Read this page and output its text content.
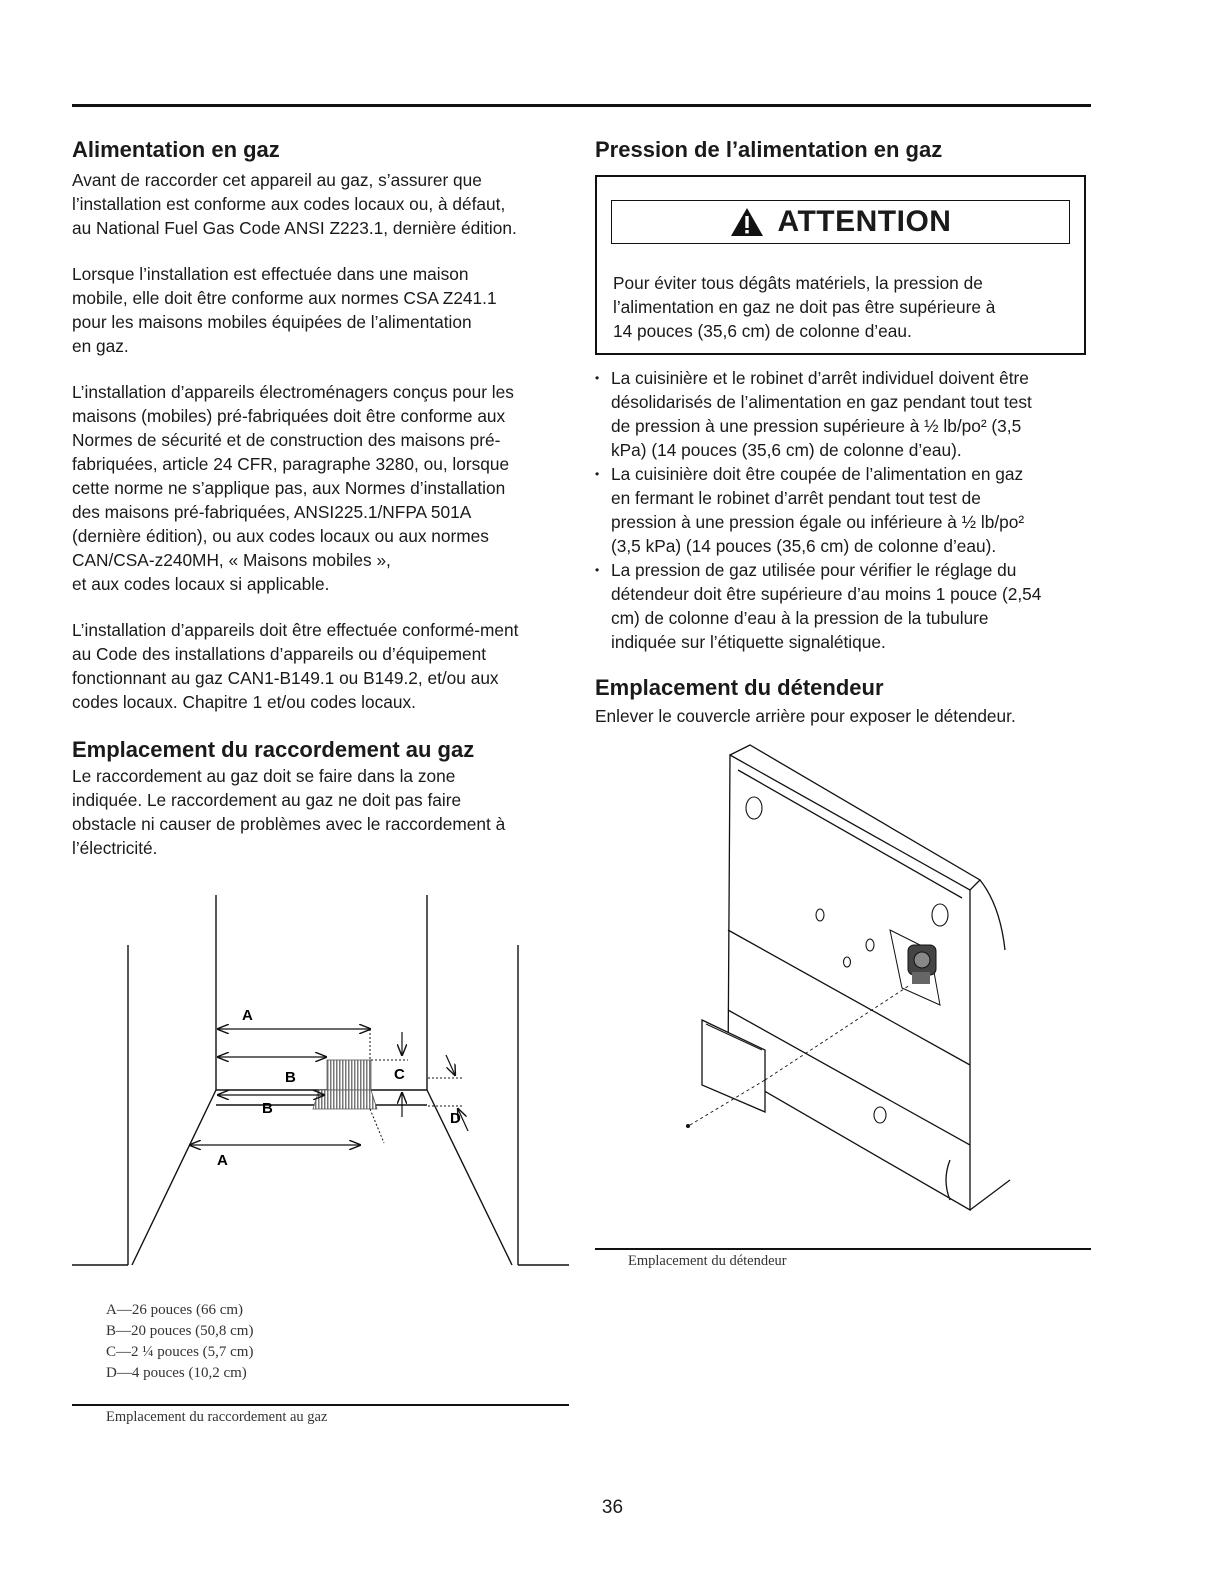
Alimentation en gaz

Avant de raccorder cet appareil au gaz, s’assurer que
l’installation est conforme aux codes locaux ou, à défaut,
au National Fuel Gas Code ANSI Z223.1, dernière édition.

Lorsque l’installation est effectuée dans une maison
mobile, elle doit être conforme aux normes CSA Z241.1
pour les maisons mobiles équipées de l’alimentation
en gaz.

L’installation d’appareils électroménagers conçus pour les
maisons (mobiles) pré-fabriquées doit être conforme aux
Normes de sécurité et de construction des maisons pré-
fabriquées, article 24 CFR, paragraphe 3280, ou, lorsque
cette norme ne s’applique pas, aux Normes d’installation
des maisons pré-fabriquées, ANSI225.1/NFPA 501A
(dernière édition), ou aux codes locaux ou aux normes
CAN/CSA-z240MH, « Maisons mobiles »,
et aux codes locaux si applicable.

L’installation d’appareils doit être effectuée conformé-ment
au Code des installations d’appareils ou d’équipement
fonctionnant au gaz CAN1-B149.1 ou B149.2, et/ou aux
codes locaux. Chapitre 1 et/ou codes locaux.

Emplacement du raccordement au gaz

Le raccordement au gaz doit se faire dans la zone
indiquée. Le raccordement au gaz ne doit pas faire
obstacle ni causer de problèmes avec le raccordement à
l’électricité.

A
B	C
B
D
A
A—26 pouces (66 cm)
B—20 pouces (50,8 cm)
C—2 ¼ pouces (5,7 cm)
D—4 pouces (10,2 cm)
Emplacement du raccordement au gaz
Pression de l’alimentation en gaz
ATTENTION
Pour éviter tous dégâts matériels, la pression de
l’alimentation en gaz ne doit pas être supérieure à
14 pouces (35,6 cm) de colonne d’eau.
• La cuisinière et le robinet d’arrêt individuel doivent être
désolidarisés de l’alimentation en gaz pendant tout test
de pression à une pression supérieure à ½ lb/po² (3,5
kPa) (14 pouces (35,6 cm) de colonne d’eau).
• La cuisinière doit être coupée de l’alimentation en gaz
en fermant le robinet d’arrêt pendant tout test de
pression à une pression égale ou inférieure à ½ lb/po²
(3,5 kPa) (14 pouces (35,6 cm) de colonne d’eau).
• La pression de gaz utilisée pour vérifier le réglage du
détendeur doit être supérieure d’au moins 1 pouce (2,54
cm) de colonne d’eau à la pression de la tubulure
indiquée sur l’étiquette signalétique.
Emplacement du détendeur
Enlever le couvercle arrière pour exposer le détendeur.
Emplacement du détendeur
36
